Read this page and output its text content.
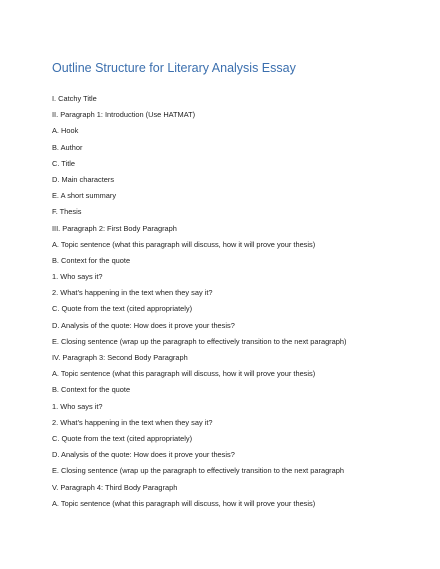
Outline Structure for Literary Analysis Essay
I. Catchy Title
II. Paragraph 1: Introduction (Use HATMAT)
A. Hook
B. Author
C. Title
D. Main characters
E. A short summary
F. Thesis
III. Paragraph 2: First Body Paragraph
A. Topic sentence (what this paragraph will discuss, how it will prove your thesis)
B. Context for the quote
1. Who says it?
2. What’s happening in the text when they say it?
C. Quote from the text (cited appropriately)
D. Analysis of the quote: How does it prove your thesis?
E. Closing sentence (wrap up the paragraph to effectively transition to the next paragraph)
IV. Paragraph 3: Second Body Paragraph
A. Topic sentence (what this paragraph will discuss, how it will prove your thesis)
B. Context for the quote
1. Who says it?
2. What’s happening in the text when they say it?
C. Quote from the text (cited appropriately)
D. Analysis of the quote: How does it prove your thesis?
E. Closing sentence (wrap up the paragraph to effectively transition to the next paragraph
V. Paragraph 4: Third Body Paragraph
A. Topic sentence (what this paragraph will discuss, how it will prove your thesis)
